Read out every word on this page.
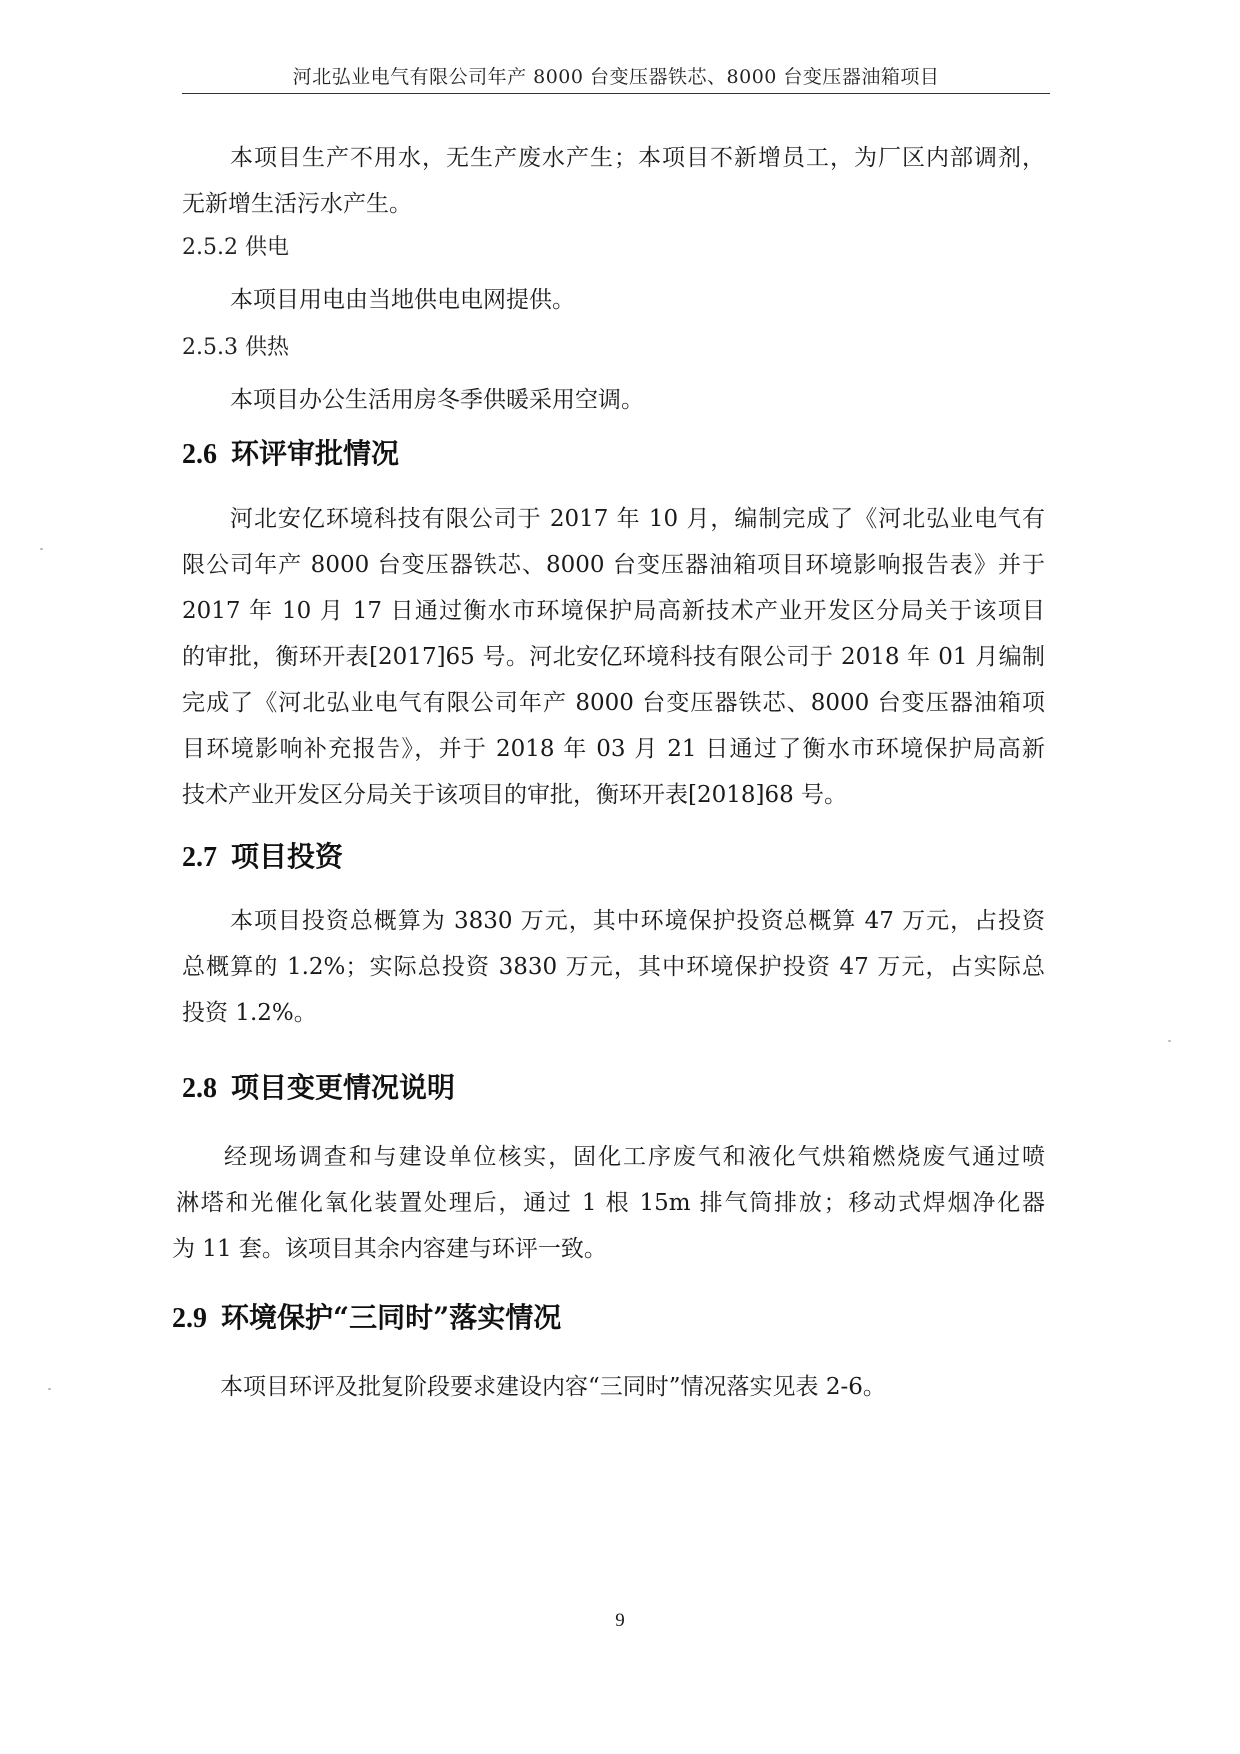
河北弘业电气有限公司年产 8000 台变压器铁芯、8000 台变压器油箱项目
本项目生产不用水，无生产废水产生；本项目不新增员工，为厂区内部调剂，
无新增生活污水产生。
2.5.2 供电
本项目用电由当地供电电网提供。
2.5.3 供热
本项目办公生活用房冬季供暖采用空调。
2.6 环评审批情况
河北安亿环境科技有限公司于 2017 年 10 月，编制完成了《河北弘业电气有
限公司年产 8000 台变压器铁芯、8000 台变压器油箱项目环境影响报告表》并于
2017 年 10 月 17 日通过衡水市环境保护局高新技术产业开发区分局关于该项目
的审批，衡环开表[2017]65 号。河北安亿环境科技有限公司于 2018 年 01 月编制
完成了《河北弘业电气有限公司年产 8000 台变压器铁芯、8000 台变压器油箱项
目环境影响补充报告》，并于 2018 年 03 月 21 日通过了衡水市环境保护局高新
技术产业开发区分局关于该项目的审批，衡环开表[2018]68 号。
2.7 项目投资
本项目投资总概算为 3830 万元，其中环境保护投资总概算 47 万元，占投资
总概算的 1.2%；实际总投资 3830 万元，其中环境保护投资 47 万元，占实际总
投资 1.2%。
2.8 项目变更情况说明
经现场调查和与建设单位核实，固化工序废气和液化气烘箱燃烧废气通过喷
淋塔和光催化氧化装置处理后，通过 1 根 15m 排气筒排放；移动式焊烟净化器
为 11 套。该项目其余内容建与环评一致。
2.9 环境保护“三同时”落实情况
本项目环评及批复阶段要求建设内容“三同时”情况落实见表 2-6。
9
